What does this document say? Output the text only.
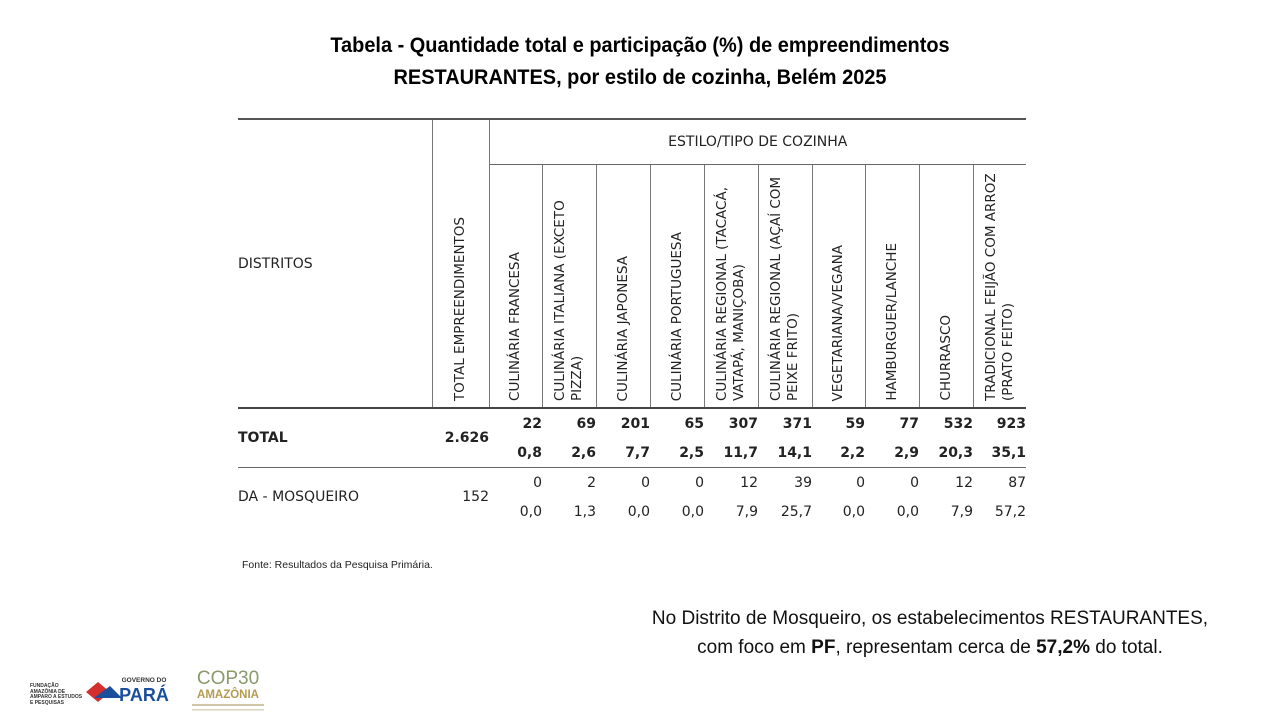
Tabela - Quantidade total e participação (%) de empreendimentos
RESTAURANTES, por estilo de cozinha, Belém 2025
DISTRITOS	TOTAL EMPREENDIMENTOS	ESTILO/TIPO DE COZINHA									

		CULINÁRIA FRANCESA	CULINÁRIA ITALIANA (EXCETO PIZZA)	CULINÁRIA JAPONESA	CULINÁRIA PORTUGUESA	CULINÁRIA REGIONAL (TACACÁ, VATAPÁ, MANIÇOBA)	CULINÁRIA REGIONAL (AÇAÍ COM PEIXE FRITO)	VEGETARIANA/VEGANA	HAMBURGUER/LANCHE	CHURRASCO	TRADICIONAL FEIJÃO COM ARROZ (PRATO FEITO)

TOTAL	2.626	22	69	201	65	307	371	59	77	532	923
		0,8	2,6	7,7	2,5	11,7	14,1	2,2	2,9	20,3	35,1
DA - MOSQUEIRO	152	0	2	0	0	12	39	0	0	12	87
		0,0	1,3	0,0	0,0	7,9	25,7	0,0	0,0	7,9	57,2
Fonte: Resultados da Pesquisa Primária.
No Distrito de Mosqueiro, os estabelecimentos RESTAURANTES,
com foco em PF, representam cerca de 57,2% do total.
FUNDAÇÃO AMAZÔNIA DE AMPARO A ESTUDOS E PESQUISAS
GOVERNO DO
PARÁ
COP30
AMAZÔNIA
